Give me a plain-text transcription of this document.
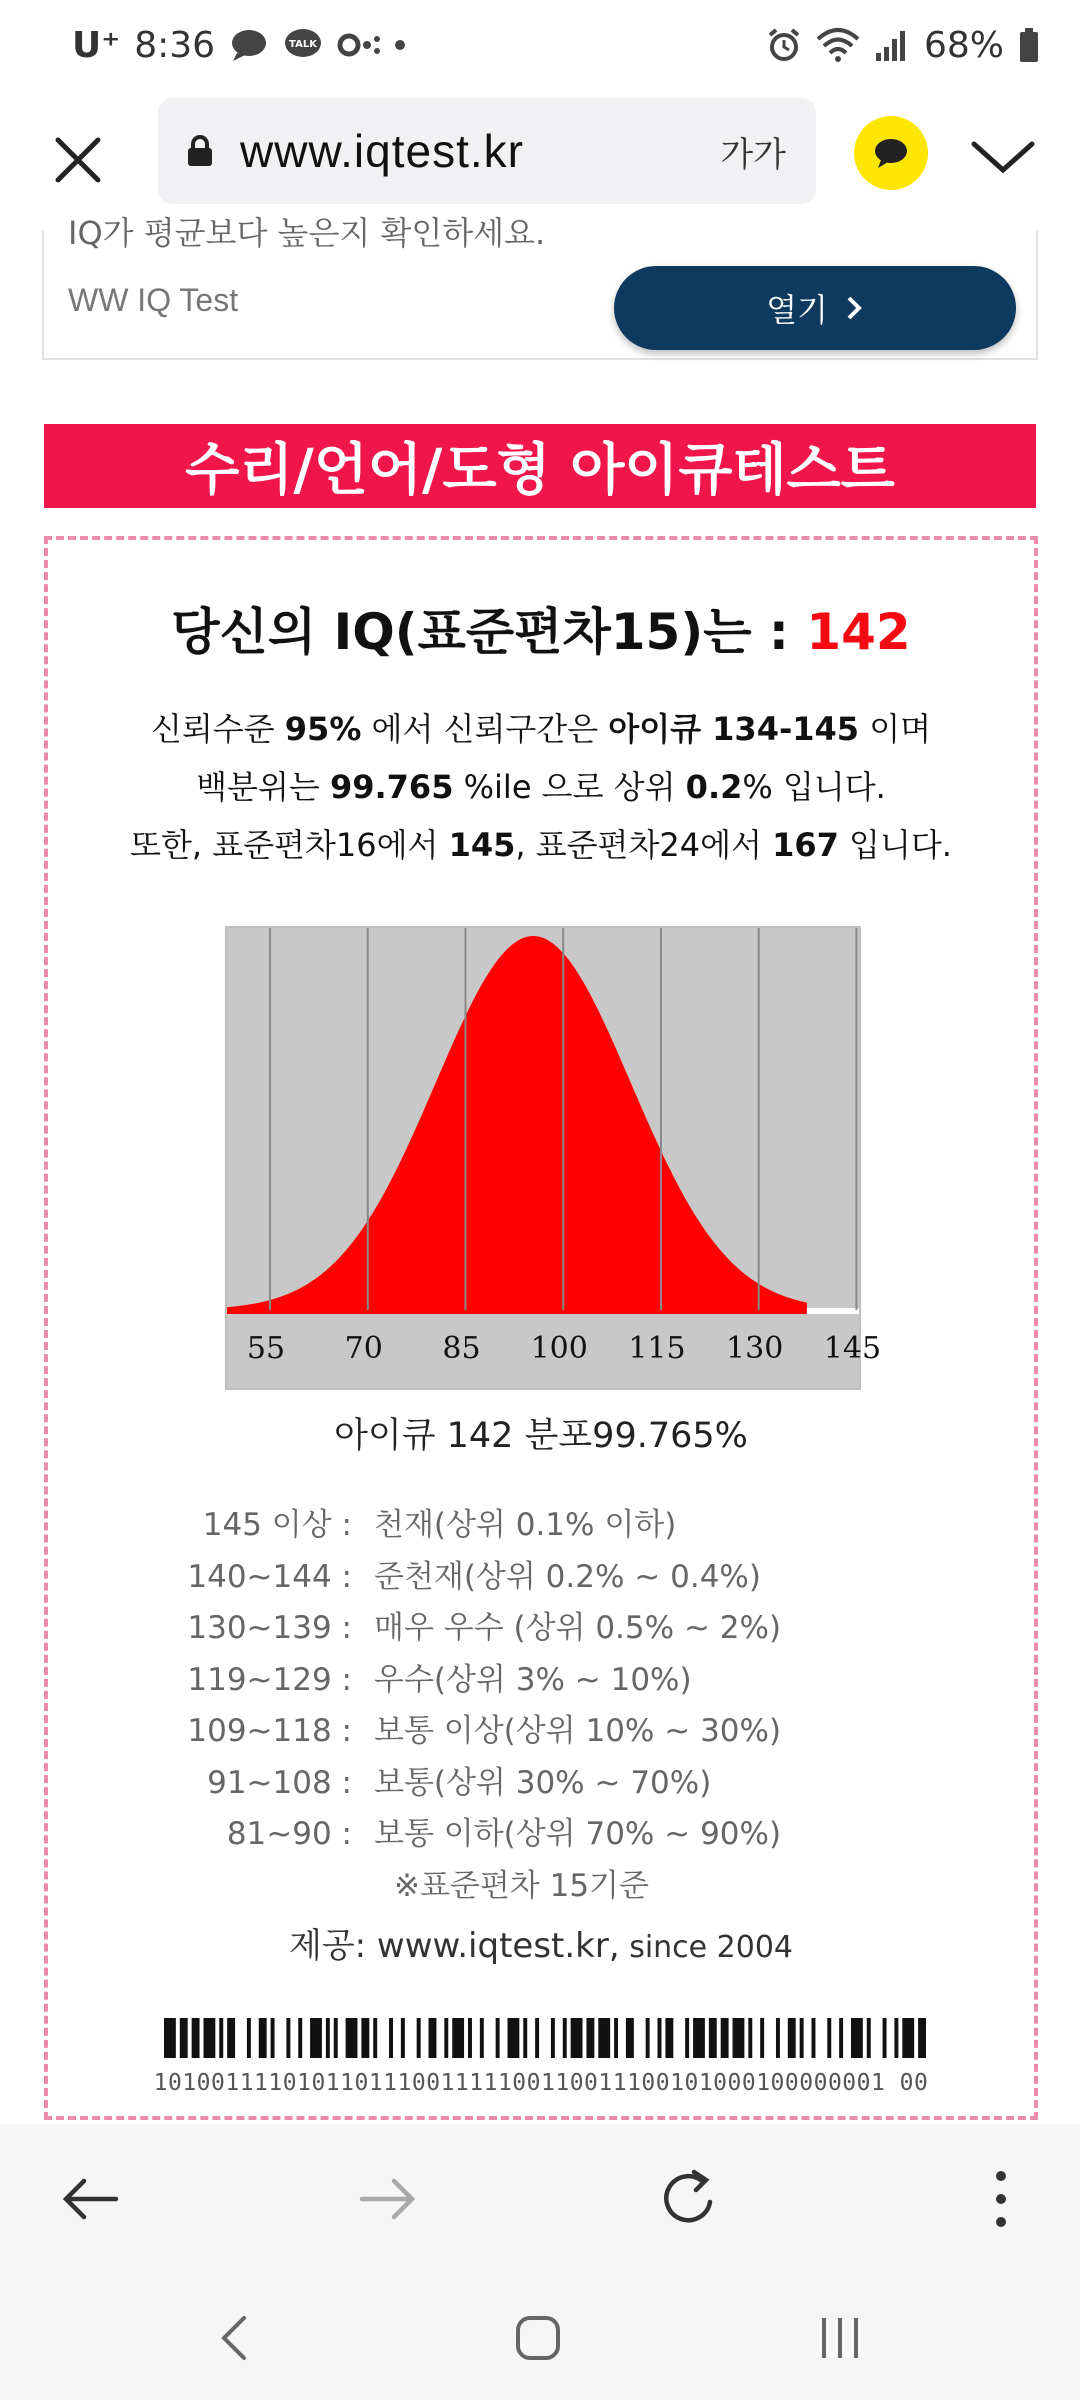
U⁺ 8:36	TALK	68%
www.iqtest.kr	가가
IQ가 평균보다 높은지 확인하세요.
WW IQ Test	열기
수리/언어/도형 아이큐테스트
당신의 IQ(표준편차15)는 : 142
신뢰수준 95% 에서 신뢰구간은 아이큐 134-145 이며
백분위는 99.765 %ile 으로 상위 0.2% 입니다.
또한, 표준편차16에서 145, 표준편차24에서 167 입니다.
55 70 85 100 115 130 145
아이큐 142 분포99.765%
145 이상 : 천재(상위 0.1% 이하)
140~144 : 준천재(상위 0.2% ~ 0.4%)
130~139 : 매우 우수 (상위 0.5% ~ 2%)
119~129 : 우수(상위 3% ~ 10%)
109~118 : 보통 이상(상위 10% ~ 30%)
91~108 : 보통(상위 30% ~ 70%)
81~90 : 보통 이하(상위 70% ~ 90%)
※표준편차 15기준
제공: www.iqtest.kr, since 2004
101001111010110111001111100110011100101000100000001 00
